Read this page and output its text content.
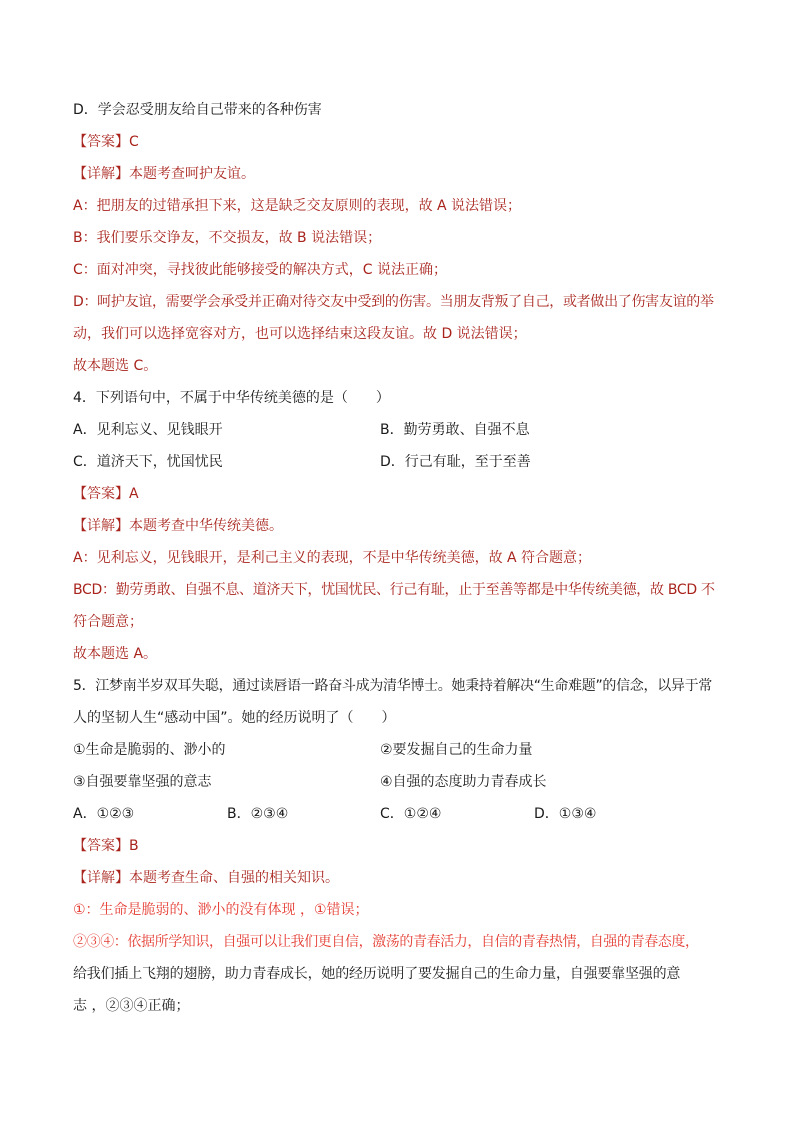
D．学会忍受朋友给自己带来的各种伤害
【答案】C
【详解】本题考查呵护友谊。
A：把朋友的过错承担下来，这是缺乏交友原则的表现，故 A 说法错误；
B：我们要乐交诤友，不交损友，故 B 说法错误；
C：面对冲突，寻找彼此能够接受的解决方式，C 说法正确；
D：呵护友谊，需要学会承受并正确对待交友中受到的伤害。当朋友背叛了自己，或者做出了伤害友谊的举
动，我们可以选择宽容对方，也可以选择结束这段友谊。故 D 说法错误；
故本题选 C。
4．下列语句中，不属于中华传统美德的是（　　）
A．见利忘义、见钱眼开	B．勤劳勇敢、自强不息
C．道济天下，忧国忧民	D．行己有耻，至于至善
【答案】A
【详解】本题考查中华传统美德。
A：见利忘义，见钱眼开，是利己主义的表现，不是中华传统美德，故 A 符合题意；
BCD：勤劳勇敢、自强不息、道济天下，忧国忧民、行己有耻，止于至善等都是中华传统美德，故 BCD 不
符合题意；
故本题选 A。
5．江梦南半岁双耳失聪，通过读唇语一路奋斗成为清华博士。她秉持着解决“生命难题”的信念，以异于常
人的坚韧人生“感动中国”。她的经历说明了（　　）
①生命是脆弱的、渺小的	②要发掘自己的生命力量
③自强要靠坚强的意志	④自强的态度助力青春成长
A．①②③	B．②③④	C．①②④	D．①③④
【答案】B
【详解】本题考查生命、自强的相关知识。
①：生命是脆弱的、渺小的没有体现 ，①错误；
②③④：依据所学知识，自强可以让我们更自信，激荡的青春活力，自信的青春热情，自强的青春态度，
给我们插上飞翔的翅膀，助力青春成长，她的经历说明了要发掘自己的生命力量，自强要靠坚强的意
志 ，②③④正确；
